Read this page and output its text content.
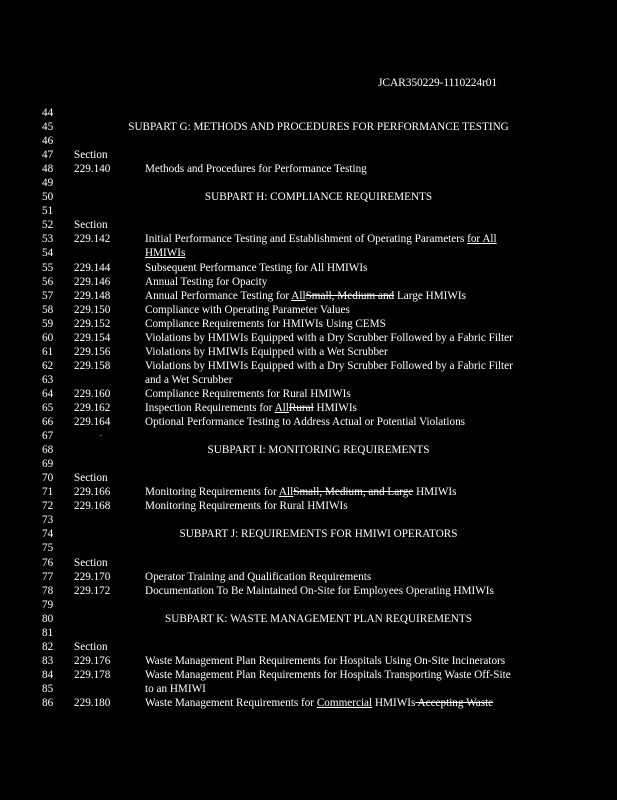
JCAR350229-1110224r01
44
45	SUBPART G: METHODS AND PROCEDURES FOR PERFORMANCE TESTING
46
47 Section
48 229.140	Methods and Procedures for Performance Testing
49
50	SUBPART H: COMPLIANCE REQUIREMENTS
51
52 Section
53 229.142	Initial Performance Testing and Establishment of Operating Parameters for All
54	HMIWIs
55 229.144	Subsequent Performance Testing for All HMIWIs
56 229.146	Annual Testing for Opacity
57 229.148	Annual Performance Testing for AllSmall, Medium and Large HMIWIs
58 229.150	Compliance with Operating Parameter Values
59 229.152	Compliance Requirements for HMIWIs Using CEMS
60 229.154	Violations by HMIWIs Equipped with a Dry Scrubber Followed by a Fabric Filter
61 229.156	Violations by HMIWIs Equipped with a Wet Scrubber
62 229.158	Violations by HMIWIs Equipped with a Dry Scrubber Followed by a Fabric Filter
63	and a Wet Scrubber
64 229.160	Compliance Requirements for Rural HMIWIs
65 229.162	Inspection Requirements for AllRural HMIWIs
66 229.164	Optional Performance Testing to Address Actual or Potential Violations
67	.
68	SUBPART I: MONITORING REQUIREMENTS
69
70 Section
71 229.166	Monitoring Requirements for AllSmall, Medium, and Large HMIWIs
72 229.168	Monitoring Requirements for Rural HMIWIs
73
74	SUBPART J: REQUIREMENTS FOR HMIWI OPERATORS
75
76 Section
77 229.170	Operator Training and Qualification Requirements
78 229.172	Documentation To Be Maintained On-Site for Employees Operating HMIWIs
79
80	SUBPART K: WASTE MANAGEMENT PLAN REQUIREMENTS
81
82 Section
83 229.176	Waste Management Plan Requirements for Hospitals Using On-Site Incinerators
84 229.178	Waste Management Plan Requirements for Hospitals Transporting Waste Off-Site
85	to an HMIWI
86 229.180	Waste Management Requirements for Commercial HMIWIs Accepting Waste
